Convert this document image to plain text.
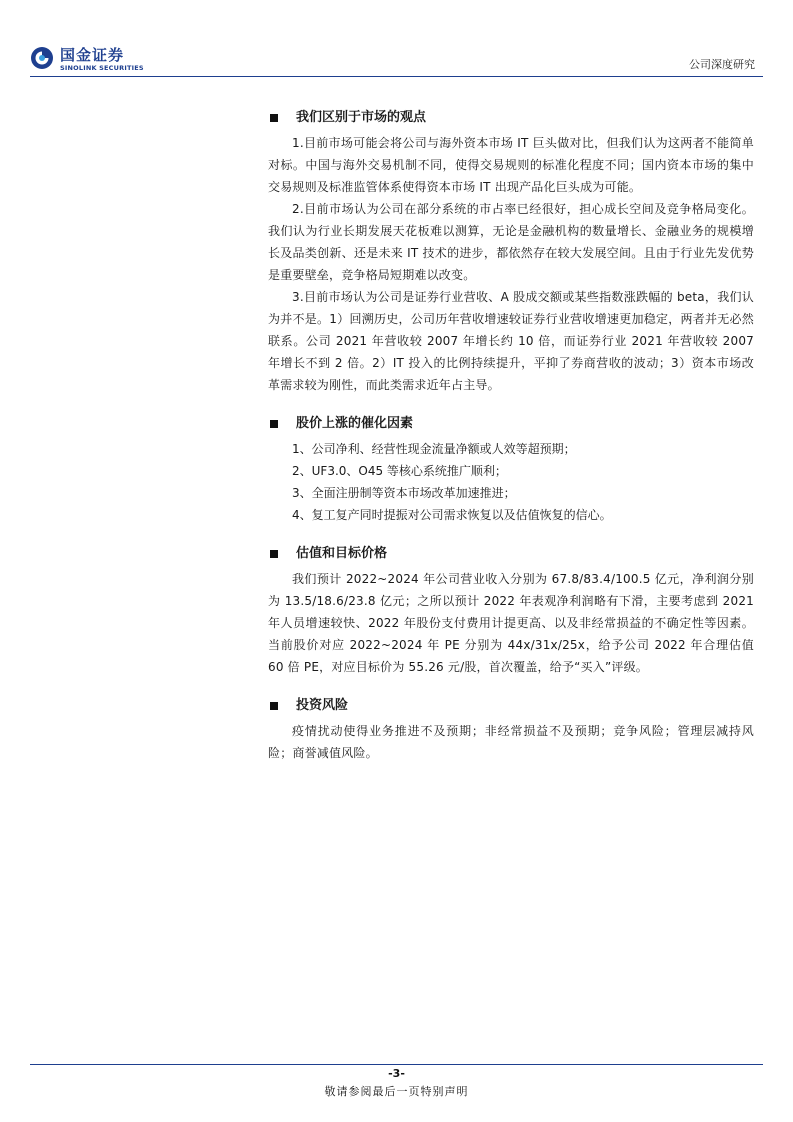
国金证券
SINOLINK SECURITIES	公司深度研究
我们区别于市场的观点

1.目前市场可能会将公司与海外资本市场 IT 巨头做对比，但我们认为这两者不能简单对标。中国与海外交易机制不同，使得交易规则的标准化程度不同；国内资本市场的集中交易规则及标准监管体系使得资本市场 IT 出现产品化巨头成为可能。

2.目前市场认为公司在部分系统的市占率已经很好，担心成长空间及竞争格局变化。我们认为行业长期发展天花板难以测算，无论是金融机构的数量增长、金融业务的规模增长及品类创新、还是未来 IT 技术的进步，都依然存在较大发展空间。且由于行业先发优势是重要壁垒，竞争格局短期难以改变。

3.目前市场认为公司是证券行业营收、A 股成交额或某些指数涨跌幅的 beta，我们认为并不是。1）回溯历史，公司历年营收增速较证券行业营收增速更加稳定，两者并无必然联系。公司 2021 年营收较 2007 年增长约 10 倍，而证券行业 2021 年营收较 2007 年增长不到 2 倍。2）IT 投入的比例持续提升，平抑了券商营收的波动；3）资本市场改革需求较为刚性，而此类需求近年占主导。

股价上涨的催化因素

1、公司净利、经营性现金流量净额或人效等超预期；

2、UF3.0、O45 等核心系统推广顺利；

3、全面注册制等资本市场改革加速推进；

4、复工复产同时提振对公司需求恢复以及估值恢复的信心。

估值和目标价格

我们预计 2022~2024 年公司营业收入分别为 67.8/83.4/100.5 亿元，净利润分别为 13.5/18.6/23.8 亿元；之所以预计 2022 年表观净利润略有下滑，主要考虑到 2021 年人员增速较快、2022 年股份支付费用计提更高、以及非经常损益的不确定性等因素。当前股价对应 2022~2024 年 PE 分别为 44x/31x/25x，给予公司 2022 年合理估值 60 倍 PE，对应目标价为 55.26 元/股，首次覆盖，给予“买入”评级。

投资风险

疫情扰动使得业务推进不及预期；非经常损益不及预期；竞争风险；管理层减持风险；商誉减值风险。

-3-
敬请参阅最后一页特别声明
